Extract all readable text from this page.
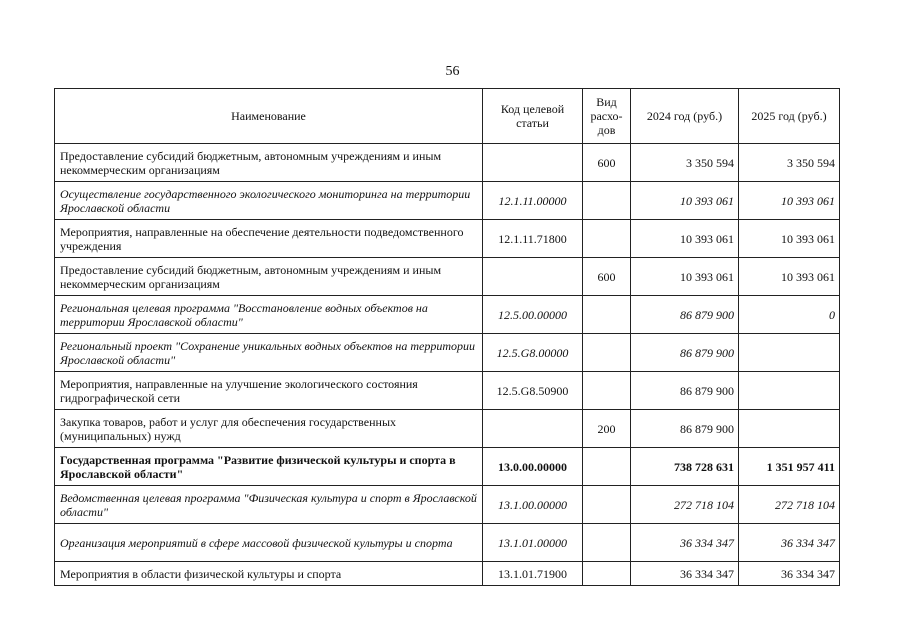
56
Наименование	Код целевой статьи	Вид расхо-дов	2024 год (руб.)	2025 год (руб.)
Предоставление субсидий бюджетным, автономным учреждениям и иным некоммерческим организациям		600	3 350 594	3 350 594
Осуществление государственного экологического мониторинга на территории Ярославской области	12.1.11.00000		10 393 061	10 393 061
Мероприятия, направленные на обеспечение деятельности подведомственного учреждения	12.1.11.71800		10 393 061	10 393 061
Предоставление субсидий бюджетным, автономным учреждениям и иным некоммерческим организациям		600	10 393 061	10 393 061
Региональная целевая программа "Восстановление водных объектов на территории Ярославской области"	12.5.00.00000		86 879 900	0
Региональный проект "Сохранение уникальных водных объектов на территории Ярославской области"	12.5.G8.00000		86 879 900	
Мероприятия, направленные на улучшение экологического состояния гидрографической сети	12.5.G8.50900		86 879 900	
Закупка товаров, работ и услуг для обеспечения государственных (муниципальных) нужд		200	86 879 900	
Государственная программа "Развитие физической культуры и спорта в Ярославской области"	13.0.00.00000		738 728 631	1 351 957 411
Ведомственная целевая программа "Физическая культура и спорт в Ярославской области"	13.1.00.00000		272 718 104	272 718 104
Организация мероприятий в сфере массовой физической культуры и спорта	13.1.01.00000		36 334 347	36 334 347
Мероприятия в области физической культуры и спорта	13.1.01.71900		36 334 347	36 334 347
